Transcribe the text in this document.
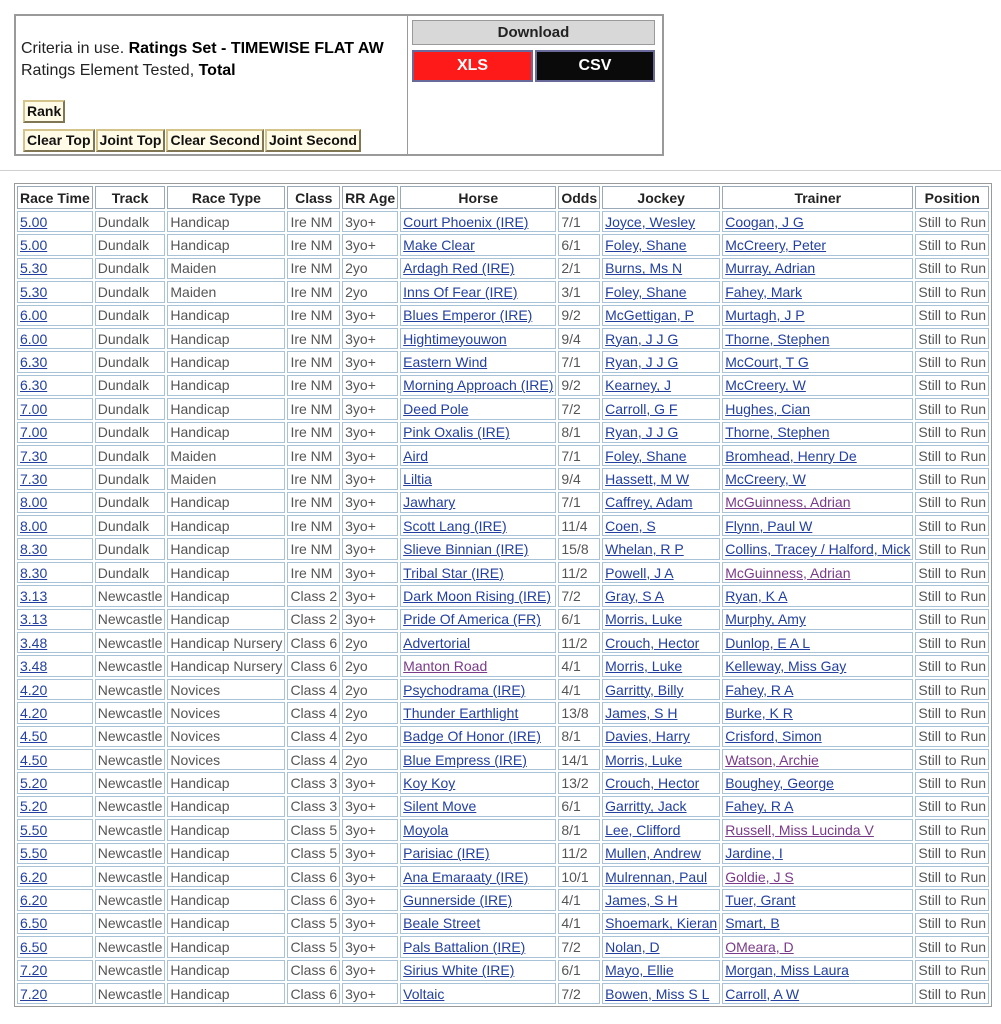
Criteria in use. Ratings Set - TIMEWISE FLAT AW
Ratings Element Tested, Total
Rank
Clear Top Joint Top Clear Second Joint Second
Download
XLS	CSV
Race Time	Track	Race Type	Class	RR Age	Horse	Odds	Jockey	Trainer	Position
5.00	Dundalk	Handicap	Ire NM	3yo+	Court Phoenix (IRE)	7/1	Joyce, Wesley	Coogan, J G	Still to Run
5.00	Dundalk	Handicap	Ire NM	3yo+	Make Clear	6/1	Foley, Shane	McCreery, Peter	Still to Run
5.30	Dundalk	Maiden	Ire NM	2yo	Ardagh Red (IRE)	2/1	Burns, Ms N	Murray, Adrian	Still to Run
5.30	Dundalk	Maiden	Ire NM	2yo	Inns Of Fear (IRE)	3/1	Foley, Shane	Fahey, Mark	Still to Run
6.00	Dundalk	Handicap	Ire NM	3yo+	Blues Emperor (IRE)	9/2	McGettigan, P	Murtagh, J P	Still to Run
6.00	Dundalk	Handicap	Ire NM	3yo+	Hightimeyouwon	9/4	Ryan, J J G	Thorne, Stephen	Still to Run
6.30	Dundalk	Handicap	Ire NM	3yo+	Eastern Wind	7/1	Ryan, J J G	McCourt, T G	Still to Run
6.30	Dundalk	Handicap	Ire NM	3yo+	Morning Approach (IRE)	9/2	Kearney, J	McCreery, W	Still to Run
7.00	Dundalk	Handicap	Ire NM	3yo+	Deed Pole	7/2	Carroll, G F	Hughes, Cian	Still to Run
7.00	Dundalk	Handicap	Ire NM	3yo+	Pink Oxalis (IRE)	8/1	Ryan, J J G	Thorne, Stephen	Still to Run
7.30	Dundalk	Maiden	Ire NM	3yo+	Aird	7/1	Foley, Shane	Bromhead, Henry De	Still to Run
7.30	Dundalk	Maiden	Ire NM	3yo+	Liltia	9/4	Hassett, M W	McCreery, W	Still to Run
8.00	Dundalk	Handicap	Ire NM	3yo+	Jawhary	7/1	Caffrey, Adam	McGuinness, Adrian	Still to Run
8.00	Dundalk	Handicap	Ire NM	3yo+	Scott Lang (IRE)	11/4	Coen, S	Flynn, Paul W	Still to Run
8.30	Dundalk	Handicap	Ire NM	3yo+	Slieve Binnian (IRE)	15/8	Whelan, R P	Collins, Tracey / Halford, Mick	Still to Run
8.30	Dundalk	Handicap	Ire NM	3yo+	Tribal Star (IRE)	11/2	Powell, J A	McGuinness, Adrian	Still to Run
3.13	Newcastle	Handicap	Class 2	3yo+	Dark Moon Rising (IRE)	7/2	Gray, S A	Ryan, K A	Still to Run
3.13	Newcastle	Handicap	Class 2	3yo+	Pride Of America (FR)	6/1	Morris, Luke	Murphy, Amy	Still to Run
3.48	Newcastle	Handicap Nursery	Class 6	2yo	Advertorial	11/2	Crouch, Hector	Dunlop, E A L	Still to Run
3.48	Newcastle	Handicap Nursery	Class 6	2yo	Manton Road	4/1	Morris, Luke	Kelleway, Miss Gay	Still to Run
4.20	Newcastle	Novices	Class 4	2yo	Psychodrama (IRE)	4/1	Garritty, Billy	Fahey, R A	Still to Run
4.20	Newcastle	Novices	Class 4	2yo	Thunder Earthlight	13/8	James, S H	Burke, K R	Still to Run
4.50	Newcastle	Novices	Class 4	2yo	Badge Of Honor (IRE)	8/1	Davies, Harry	Crisford, Simon	Still to Run
4.50	Newcastle	Novices	Class 4	2yo	Blue Empress (IRE)	14/1	Morris, Luke	Watson, Archie	Still to Run
5.20	Newcastle	Handicap	Class 3	3yo+	Koy Koy	13/2	Crouch, Hector	Boughey, George	Still to Run
5.20	Newcastle	Handicap	Class 3	3yo+	Silent Move	6/1	Garritty, Jack	Fahey, R A	Still to Run
5.50	Newcastle	Handicap	Class 5	3yo+	Moyola	8/1	Lee, Clifford	Russell, Miss Lucinda V	Still to Run
5.50	Newcastle	Handicap	Class 5	3yo+	Parisiac (IRE)	11/2	Mullen, Andrew	Jardine, I	Still to Run
6.20	Newcastle	Handicap	Class 6	3yo+	Ana Emaraaty (IRE)	10/1	Mulrennan, Paul	Goldie, J S	Still to Run
6.20	Newcastle	Handicap	Class 6	3yo+	Gunnerside (IRE)	4/1	James, S H	Tuer, Grant	Still to Run
6.50	Newcastle	Handicap	Class 5	3yo+	Beale Street	4/1	Shoemark, Kieran	Smart, B	Still to Run
6.50	Newcastle	Handicap	Class 5	3yo+	Pals Battalion (IRE)	7/2	Nolan, D	OMeara, D	Still to Run
7.20	Newcastle	Handicap	Class 6	3yo+	Sirius White (IRE)	6/1	Mayo, Ellie	Morgan, Miss Laura	Still to Run
7.20	Newcastle	Handicap	Class 6	3yo+	Voltaic	7/2	Bowen, Miss S L	Carroll, A W	Still to Run
